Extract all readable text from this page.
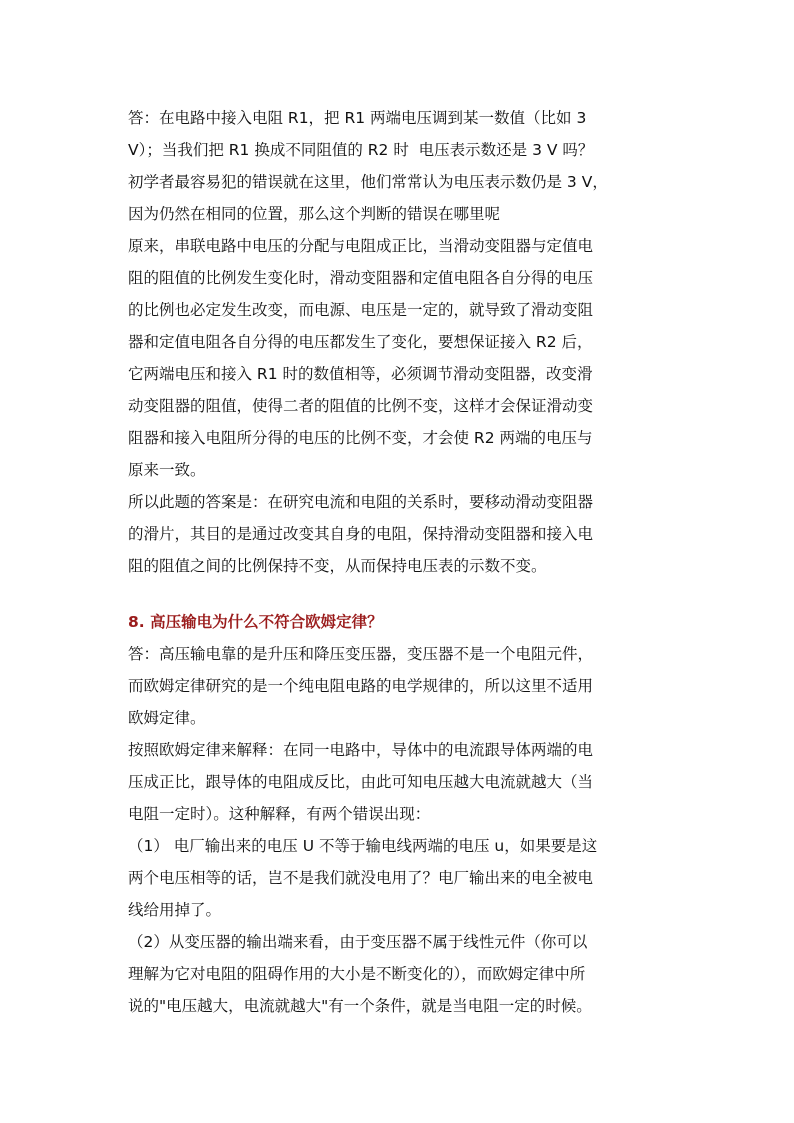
答：在电路中接入电阻 R1，把 R1 两端电压调到某一数值（比如 3
V）；当我们把 R1 换成不同阻值的 R2 时  电压表示数还是 3 V 吗？
初学者最容易犯的错误就在这里，他们常常认为电压表示数仍是 3 V，
因为仍然在相同的位置，那么这个判断的错误在哪里呢
原来，串联电路中电压的分配与电阻成正比，当滑动变阻器与定值电
阻的阻值的比例发生变化时，滑动变阻器和定值电阻各自分得的电压
的比例也必定发生改变，而电源、电压是一定的，就导致了滑动变阻
器和定值电阻各自分得的电压都发生了变化，要想保证接入 R2 后，
它两端电压和接入 R1 时的数值相等，必须调节滑动变阻器，改变滑
动变阻器的阻值，使得二者的阻值的比例不变，这样才会保证滑动变
阻器和接入电阻所分得的电压的比例不变，才会使 R2 两端的电压与
原来一致。
所以此题的答案是：在研究电流和电阻的关系时，要移动滑动变阻器
的滑片，其目的是通过改变其自身的电阻，保持滑动变阻器和接入电
阻的阻值之间的比例保持不变，从而保持电压表的示数不变。
8. 高压输电为什么不符合欧姆定律？
答：高压输电靠的是升压和降压变压器，变压器不是一个电阻元件，
而欧姆定律研究的是一个纯电阻电路的电学规律的，所以这里不适用
欧姆定律。
按照欧姆定律来解释：在同一电路中，导体中的电流跟导体两端的电
压成正比，跟导体的电阻成反比，由此可知电压越大电流就越大（当
电阻一定时）。这种解释，有两个错误出现：
（1） 电厂输出来的电压 U 不等于输电线两端的电压 u，如果要是这
两个电压相等的话，岂不是我们就没电用了？电厂输出来的电全被电
线给用掉了。
（2）从变压器的输出端来看，由于变压器不属于线性元件（你可以
理解为它对电阻的阻碍作用的大小是不断变化的），而欧姆定律中所
说的"电压越大，电流就越大"有一个条件，就是当电阻一定的时候。
